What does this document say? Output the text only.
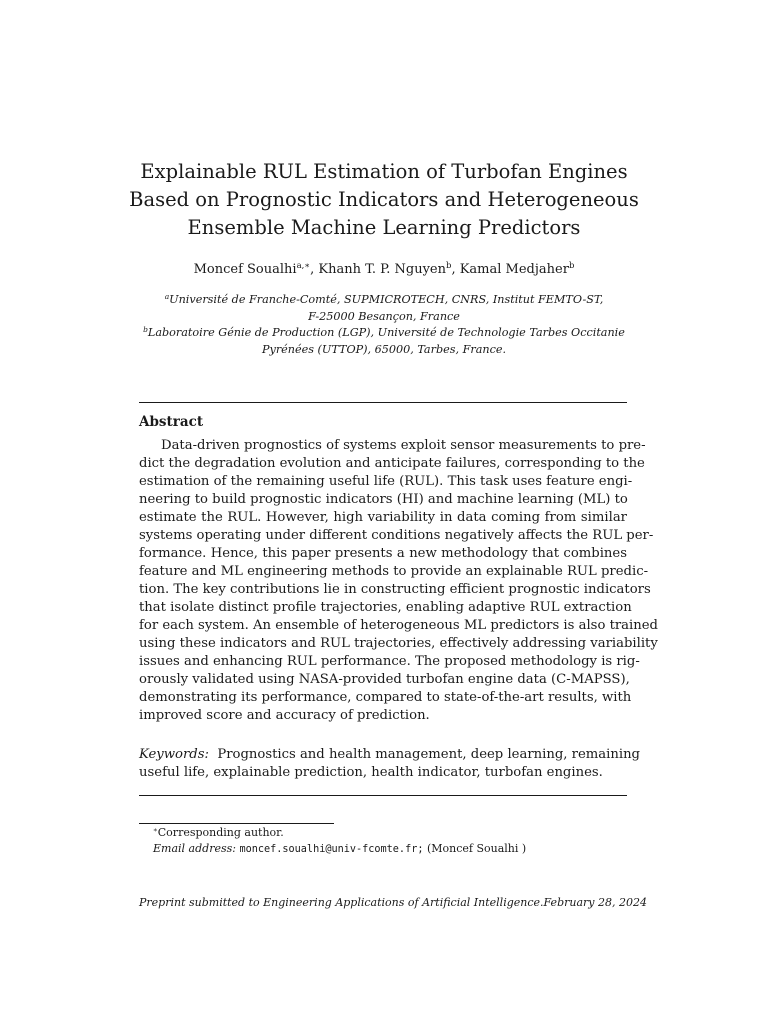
Explainable RUL Estimation of Turbofan Engines
Based on Prognostic Indicators and Heterogeneous
Ensemble Machine Learning Predictors
Moncef Soualhi$^{a,∗}$, Khanh T. P. Nguyen$^b$, Kamal Medjaher$^b$
$^a$Université de Franche-Comté, SUPMICROTECH, CNRS, Institut FEMTO-ST,
F-25000 Besançon, France
$^b$Laboratoire Génie de Production (LGP), Université de Technologie Tarbes Occitanie
Pyrénées (UTTOP), 65000, Tarbes, France.
Abstract
Data-driven prognostics of systems exploit sensor measurements to pre-
dict the degradation evolution and anticipate failures, corresponding to the
estimation of the remaining useful life (RUL). This task uses feature engi-
neering to build prognostic indicators (HI) and machine learning (ML) to
estimate the RUL. However, high variability in data coming from similar
systems operating under different conditions negatively affects the RUL per-
formance. Hence, this paper presents a new methodology that combines
feature and ML engineering methods to provide an explainable RUL predic-
tion. The key contributions lie in constructing efficient prognostic indicators
that isolate distinct profile trajectories, enabling adaptive RUL extraction
for each system. An ensemble of heterogeneous ML predictors is also trained
using these indicators and RUL trajectories, effectively addressing variability
issues and enhancing RUL performance. The proposed methodology is rig-
orously validated using NASA-provided turbofan engine data (C-MAPSS),
demonstrating its performance, compared to state-of-the-art results, with
improved score and accuracy of prediction.
Keywords: Prognostics and health management, deep learning, remaining
useful life, explainable prediction, health indicator, turbofan engines.
∗Corresponding author.
Email address: moncef.soualhi@univ-fcomte.fr; (Moncef Soualhi )
Preprint submitted to Engineering Applications of Artificial Intelligence. February 28, 2024
